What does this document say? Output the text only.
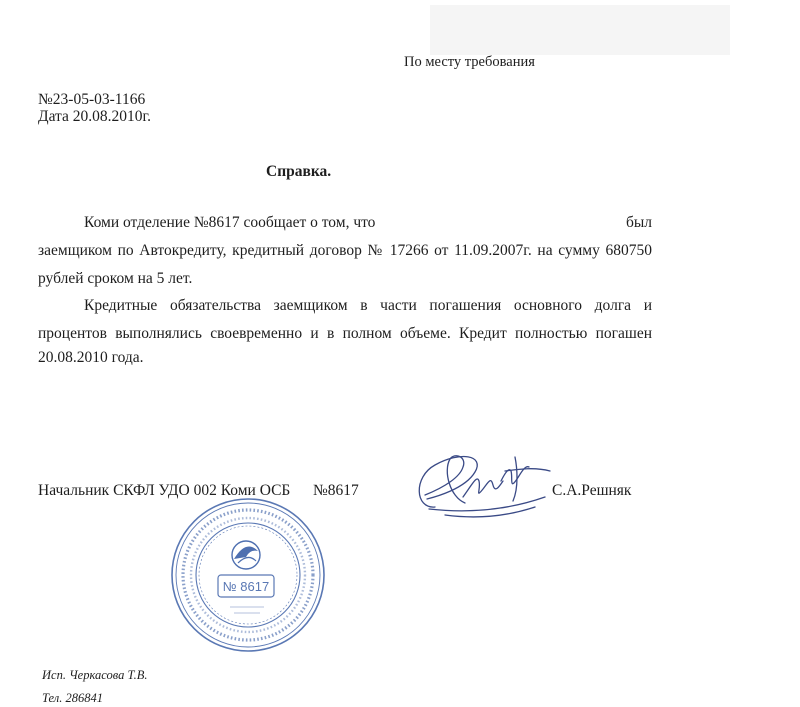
По месту требования
№23-05-03-1166
Дата 20.08.2010г.
Справка.
Коми отделение №8617 сообщает о том, что	был
заемщиком по Автокредиту, кредитный договор № 17266 от 11.09.2007г. на сумму 680750
рублей сроком на 5 лет.
Кредитные обязательства заемщиком в части погашения основного долга и
процентов выполнялись своевременно и в полном объеме. Кредит полностью погашен
20.08.2010 года.
Начальник СКФЛ УДО 002 Коми ОСБ №8617	С.А.Решняк
№ 8617
Исп. Черкасова Т.В.
Тел. 286841
